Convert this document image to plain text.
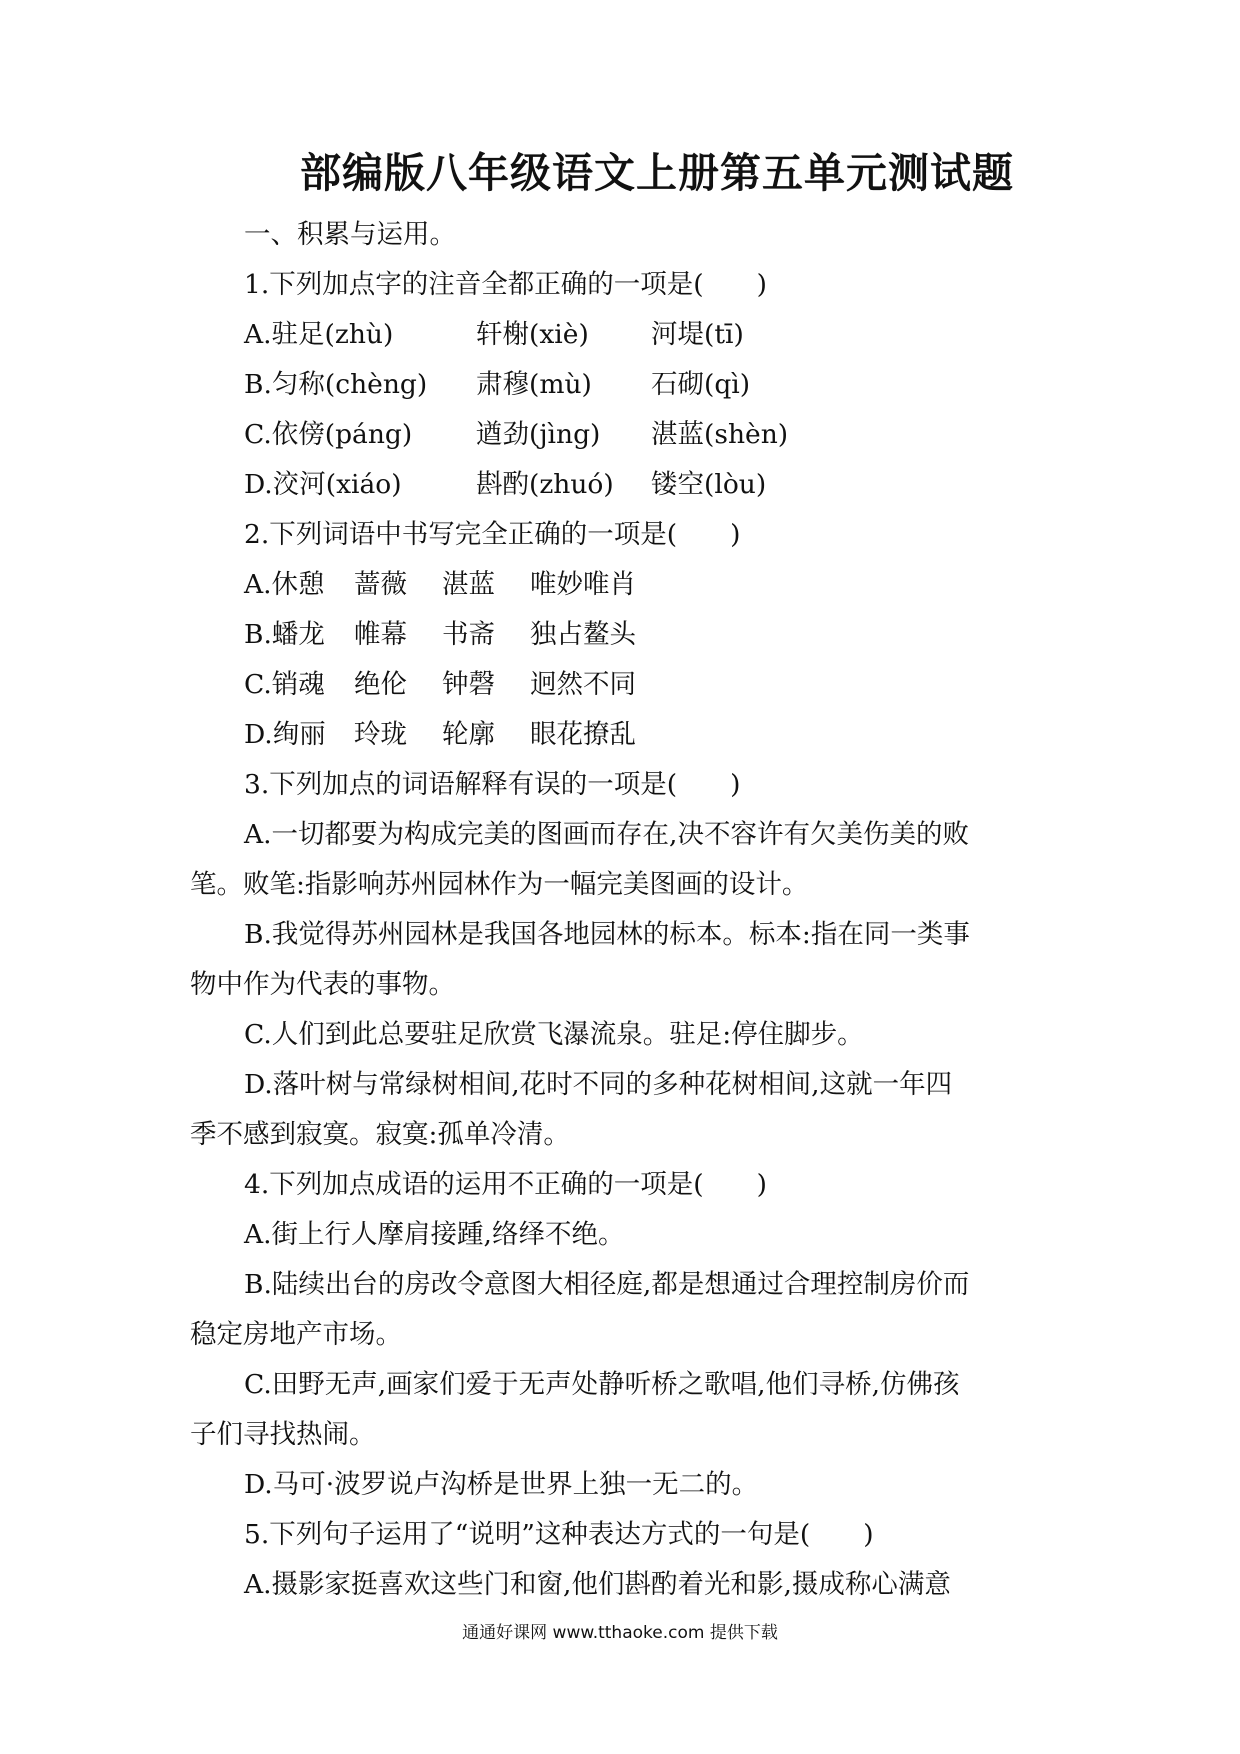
部编版八年级语文上册第五单元测试题
一、积累与运用。
1.下列加点字的注音全都正确的一项是(　　)
A.驻足(zhù)	轩榭(xiè) 河堤(tī)
B.匀称(chèng) 肃穆(mù) 石砌(qì)
C.依傍(páng) 遒劲(jìng) 湛蓝(shèn)
D.洨河(xiáo)	斟酌(zhuó) 镂空(lòu)
2.下列词语中书写完全正确的一项是(　　)
A.休憩 蔷薇 湛蓝 唯妙唯肖
B.蟠龙 帷幕 书斋 独占鳌头
C.销魂 绝伦 钟磬 迥然不同
D.绚丽 玲珑 轮廓 眼花撩乱
3.下列加点的词语解释有误的一项是(　　)
A.一切都要为构成完美的图画而存在,决不容许有欠美伤美的败
笔。败笔:指影响苏州园林作为一幅完美图画的设计。
B.我觉得苏州园林是我国各地园林的标本。标本:指在同一类事
物中作为代表的事物。
C.人们到此总要驻足欣赏飞瀑流泉。驻足:停住脚步。
D.落叶树与常绿树相间,花时不同的多种花树相间,这就一年四
季不感到寂寞。寂寞:孤单冷清。
4.下列加点成语的运用不正确的一项是(　　)
A.街上行人摩肩接踵,络绎不绝。
B.陆续出台的房改令意图大相径庭,都是想通过合理控制房价而
稳定房地产市场。
C.田野无声,画家们爱于无声处静听桥之歌唱,他们寻桥,仿佛孩
子们寻找热闹。
D.马可·波罗说卢沟桥是世界上独一无二的。
5.下列句子运用了“说明”这种表达方式的一句是(　　)
A.摄影家挺喜欢这些门和窗,他们斟酌着光和影,摄成称心满意
通通好课网 www.tthaoke.com 提供下载
